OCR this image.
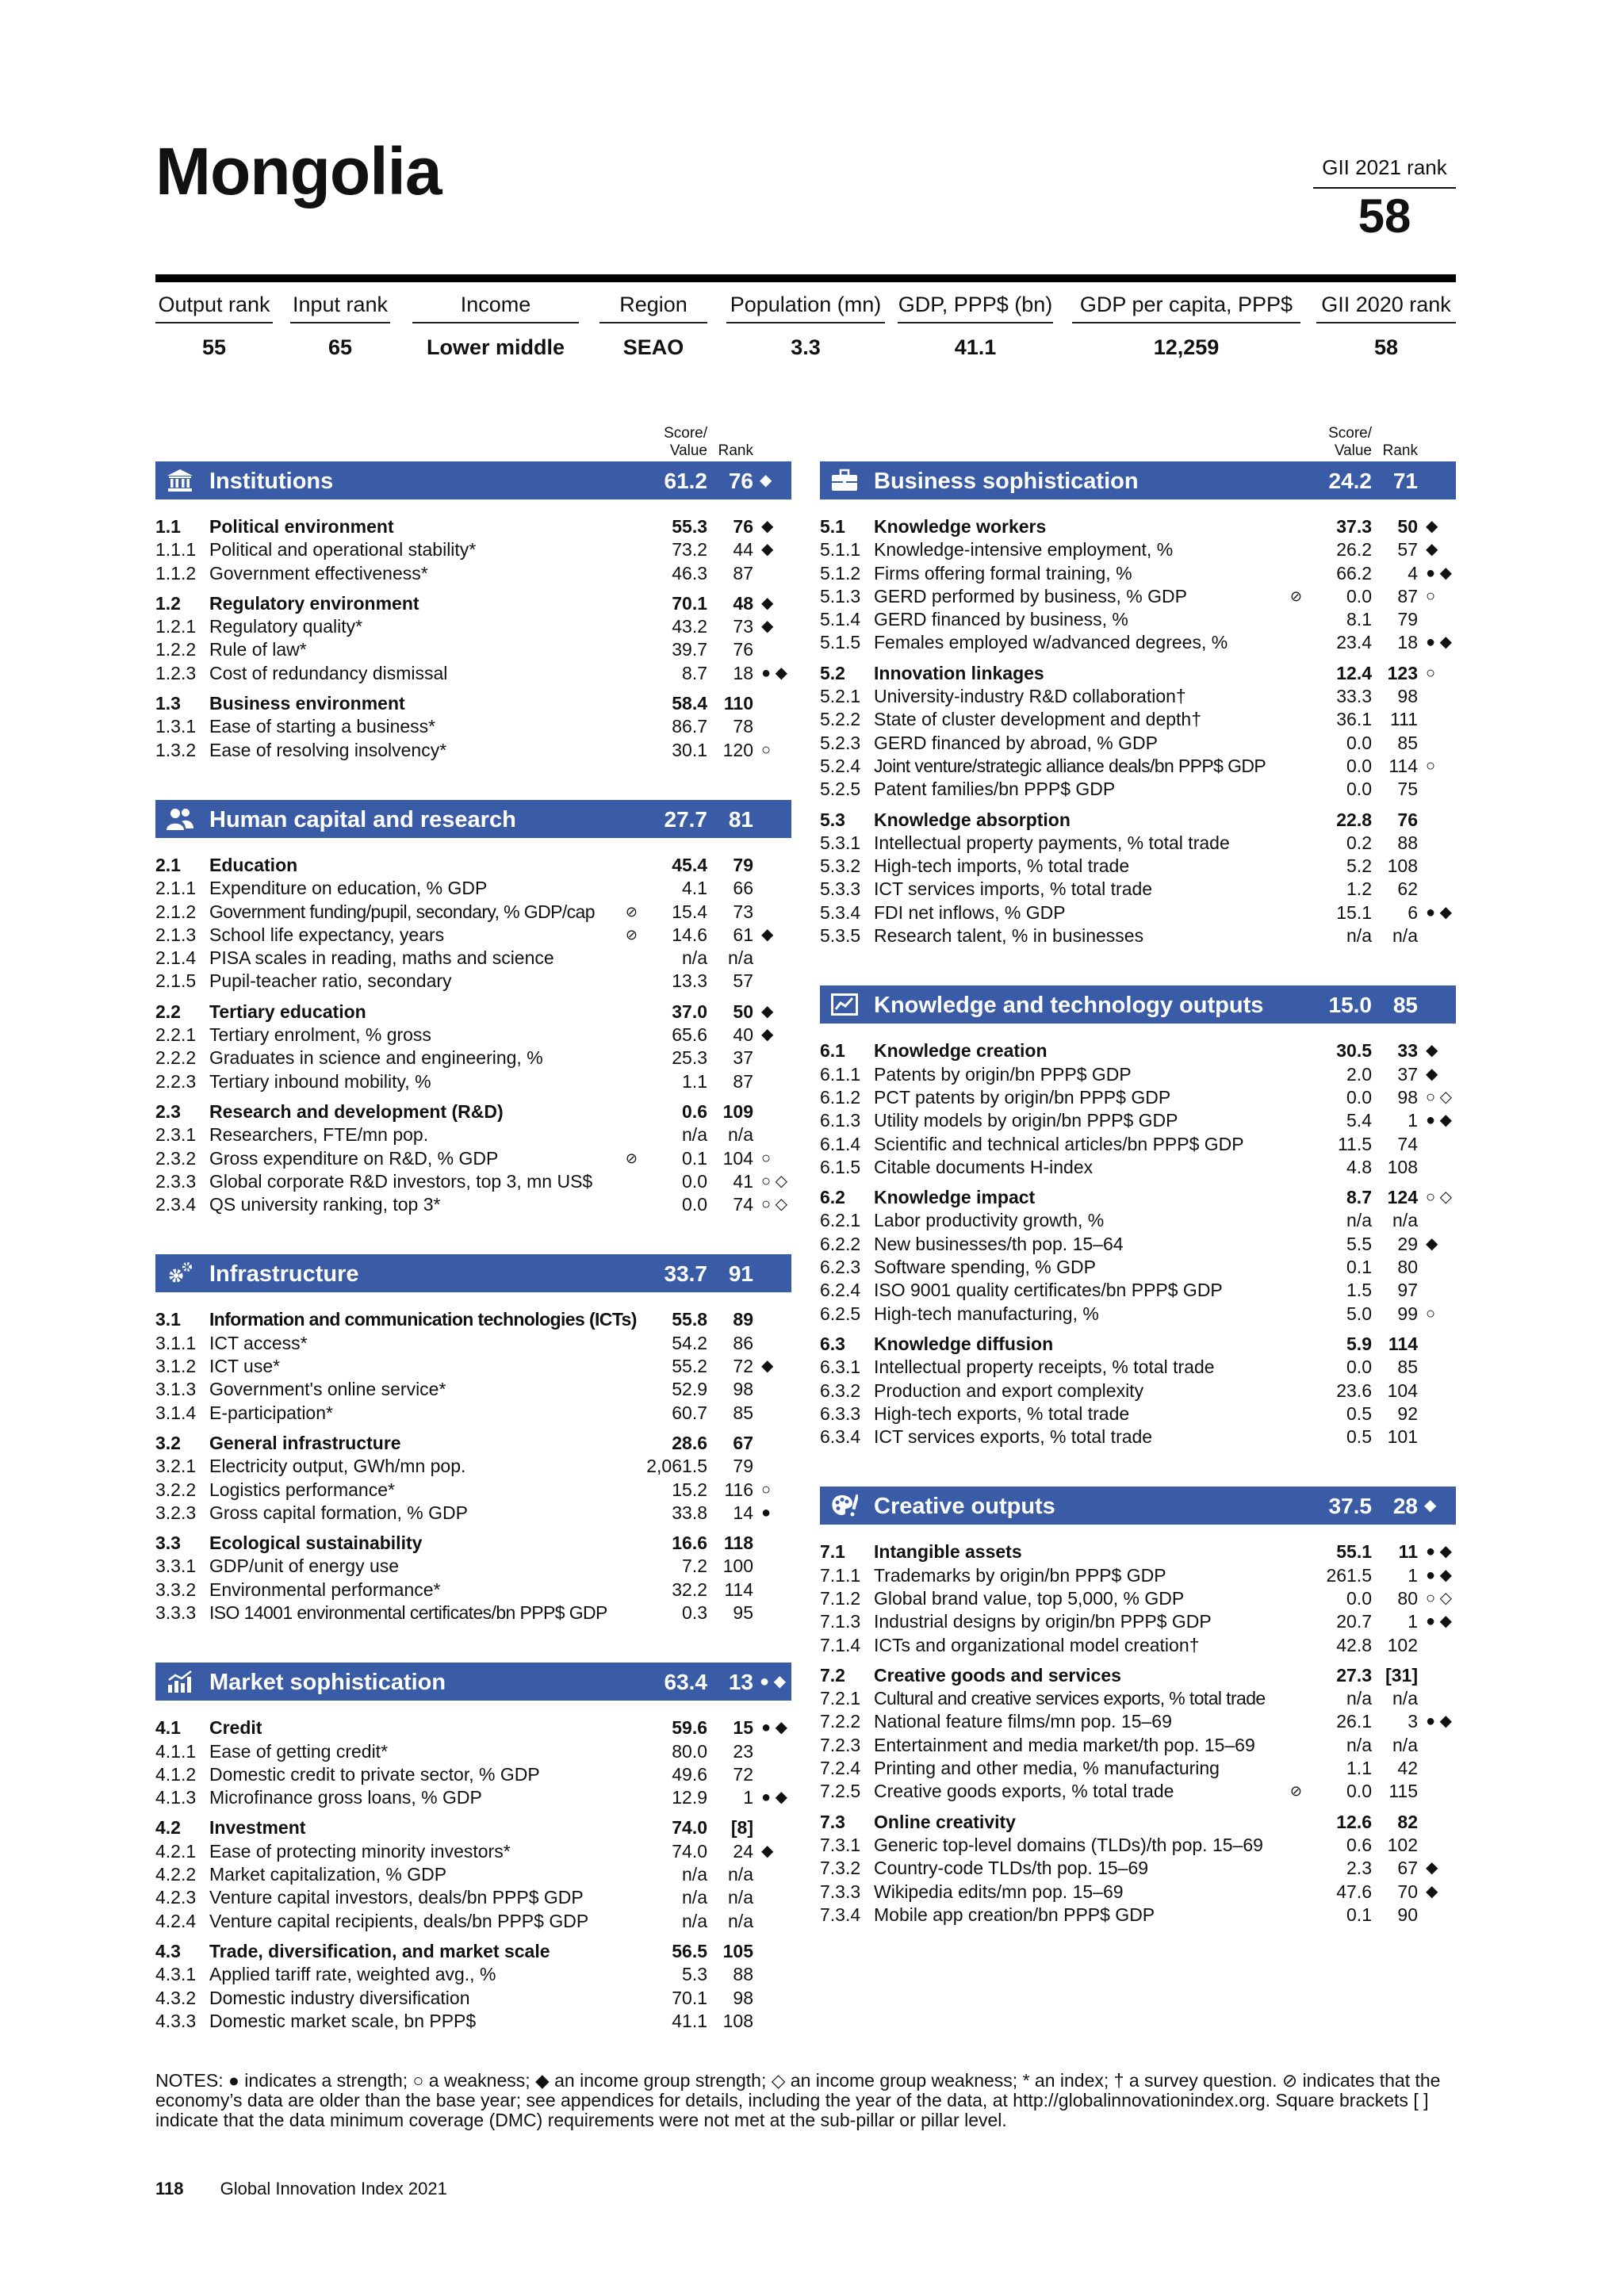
Mongolia	GII 2021 rank
58
Output rank
55
Input rank
65
Income
Lower middle
Region
SEAO
Population (mn)
3.3
GDP, PPP$ (bn)
41.1
GDP per capita, PPP$
12,259
GII 2020 rank
58
Score/
Value Rank
Institutions	61.2 76 ◆
1.1 Political environment	55.3 76 ◆
1.1.1 Political and operational stability*	73.2 44 ◆
1.1.2 Government effectiveness*	46.3 87
1.2 Regulatory environment	70.1 48 ◆
1.2.1 Regulatory quality*	43.2 73 ◆
1.2.2 Rule of law*	39.7 76
1.2.3 Cost of redundancy dismissal	8.7 18 ● ◆
1.3 Business environment	58.4 110
1.3.1 Ease of starting a business*	86.7 78
1.3.2 Ease of resolving insolvency*	30.1 120 ○
Human capital and research	27.7 81
2.1 Education	45.4 79
2.1.1 Expenditure on education, % GDP	4.1 66
2.1.2 Government funding/pupil, secondary, % GDP/cap ⊘ 15.4 73
2.1.3 School life expectancy, years	⊘ 14.6 61 ◆
2.1.4 PISA scales in reading, maths and science	n/a n/a
2.1.5 Pupil-teacher ratio, secondary	13.3 57
2.2 Tertiary education	37.0 50 ◆
2.2.1 Tertiary enrolment, % gross	65.6 40 ◆
2.2.2 Graduates in science and engineering, %	25.3 37
2.2.3 Tertiary inbound mobility, %	1.1 87
2.3 Research and development (R&D)	0.6 109
2.3.1 Researchers, FTE/mn pop.	n/a n/a
2.3.2 Gross expenditure on R&D, % GDP	⊘ 0.1 104 ○
2.3.3 Global corporate R&D investors, top 3, mn US$	0.0 41 ○ ◇
2.3.4 QS university ranking, top 3*	0.0 74 ○ ◇
Infrastructure	33.7 91
3.1 Information and communication technologies (ICTs) 55.8 89
3.1.1 ICT access*	54.2 86
3.1.2 ICT use*	55.2 72 ◆
3.1.3 Government's online service*	52.9 98
3.1.4 E-participation*	60.7 85
3.2 General infrastructure	28.6 67
3.2.1 Electricity output, GWh/mn pop.	2,061.5 79
3.2.2 Logistics performance*	15.2 116 ○
3.2.3 Gross capital formation, % GDP	33.8 14 ●
3.3 Ecological sustainability	16.6 118
3.3.1 GDP/unit of energy use	7.2 100
3.3.2 Environmental performance*	32.2 114
3.3.3 ISO 14001 environmental certificates/bn PPP$ GDP	0.3 95
Market sophistication	63.4 13 ● ◆
4.1 Credit	59.6 15 ● ◆
4.1.1 Ease of getting credit*	80.0 23
4.1.2 Domestic credit to private sector, % GDP	49.6 72
4.1.3 Microfinance gross loans, % GDP	12.9 1 ● ◆
4.2 Investment	74.0 [8]
4.2.1 Ease of protecting minority investors*	74.0 24 ◆
4.2.2 Market capitalization, % GDP	n/a n/a
4.2.3 Venture capital investors, deals/bn PPP$ GDP	n/a n/a
4.2.4 Venture capital recipients, deals/bn PPP$ GDP	n/a n/a
4.3 Trade, diversification, and market scale	56.5 105
4.3.1 Applied tariff rate, weighted avg., %	5.3 88
4.3.2 Domestic industry diversification	70.1 98
4.3.3 Domestic market scale, bn PPP$	41.1 108
Score/
Value Rank
Business sophistication	24.2 71
5.1 Knowledge workers	37.3 50 ◆
5.1.1 Knowledge-intensive employment, %	26.2 57 ◆
5.1.2 Firms offering formal training, %	66.2 4 ● ◆
5.1.3 GERD performed by business, % GDP	⊘ 0.0 87 ○
5.1.4 GERD financed by business, %	8.1 79
5.1.5 Females employed w/advanced degrees, %	23.4 18 ● ◆
5.2 Innovation linkages	12.4 123 ○
5.2.1 University-industry R&D collaboration†	33.3 98
5.2.2 State of cluster development and depth†	36.1 111
5.2.3 GERD financed by abroad, % GDP	0.0 85
5.2.4 Joint venture/strategic alliance deals/bn PPP$ GDP	0.0 114 ○
5.2.5 Patent families/bn PPP$ GDP	0.0 75
5.3 Knowledge absorption	22.8 76
5.3.1 Intellectual property payments, % total trade	0.2 88
5.3.2 High-tech imports, % total trade	5.2 108
5.3.3 ICT services imports, % total trade	1.2 62
5.3.4 FDI net inflows, % GDP	15.1 6 ● ◆
5.3.5 Research talent, % in businesses	n/a n/a
Knowledge and technology outputs	15.0 85
6.1 Knowledge creation	30.5 33 ◆
6.1.1 Patents by origin/bn PPP$ GDP	2.0 37 ◆
6.1.2 PCT patents by origin/bn PPP$ GDP	0.0 98 ○ ◇
6.1.3 Utility models by origin/bn PPP$ GDP	5.4 1 ● ◆
6.1.4 Scientific and technical articles/bn PPP$ GDP	11.5 74
6.1.5 Citable documents H-index	4.8 108
6.2 Knowledge impact	8.7 124 ○ ◇
6.2.1 Labor productivity growth, %	n/a n/a
6.2.2 New businesses/th pop. 15–64	5.5 29 ◆
6.2.3 Software spending, % GDP	0.1 80
6.2.4 ISO 9001 quality certificates/bn PPP$ GDP	1.5 97
6.2.5 High-tech manufacturing, %	5.0 99 ○
6.3 Knowledge diffusion	5.9 114
6.3.1 Intellectual property receipts, % total trade	0.0 85
6.3.2 Production and export complexity	23.6 104
6.3.3 High-tech exports, % total trade	0.5 92
6.3.4 ICT services exports, % total trade	0.5 101
Creative outputs	37.5 28 ◆
7.1 Intangible assets	55.1 11 ● ◆
7.1.1 Trademarks by origin/bn PPP$ GDP	261.5 1 ● ◆
7.1.2 Global brand value, top 5,000, % GDP	0.0 80 ○ ◇
7.1.3 Industrial designs by origin/bn PPP$ GDP	20.7 1 ● ◆
7.1.4 ICTs and organizational model creation†	42.8 102
7.2 Creative goods and services	27.3 [31]
7.2.1 Cultural and creative services exports, % total trade	n/a n/a
7.2.2 National feature films/mn pop. 15–69	26.1 3 ● ◆
7.2.3 Entertainment and media market/th pop. 15–69	n/a n/a
7.2.4 Printing and other media, % manufacturing	1.1 42
7.2.5 Creative goods exports, % total trade	⊘ 0.0 115
7.3 Online creativity	12.6 82
7.3.1 Generic top-level domains (TLDs)/th pop. 15–69	0.6 102
7.3.2 Country-code TLDs/th pop. 15–69	2.3 67 ◆
7.3.3 Wikipedia edits/mn pop. 15–69	47.6 70 ◆
7.3.4 Mobile app creation/bn PPP$ GDP	0.1 90
NOTES: ● indicates a strength; ○ a weakness; ◆ an income group strength; ◇ an income group weakness; * an index; † a survey question. ⊘ indicates that the economy’s data are older than the base year; see appendices for details, including the year of the data, at http://globalinnovationindex.org. Square brackets [ ] indicate that the data minimum coverage (DMC) requirements were not met at the sub-pillar or pillar level.
118 Global Innovation Index 2021
